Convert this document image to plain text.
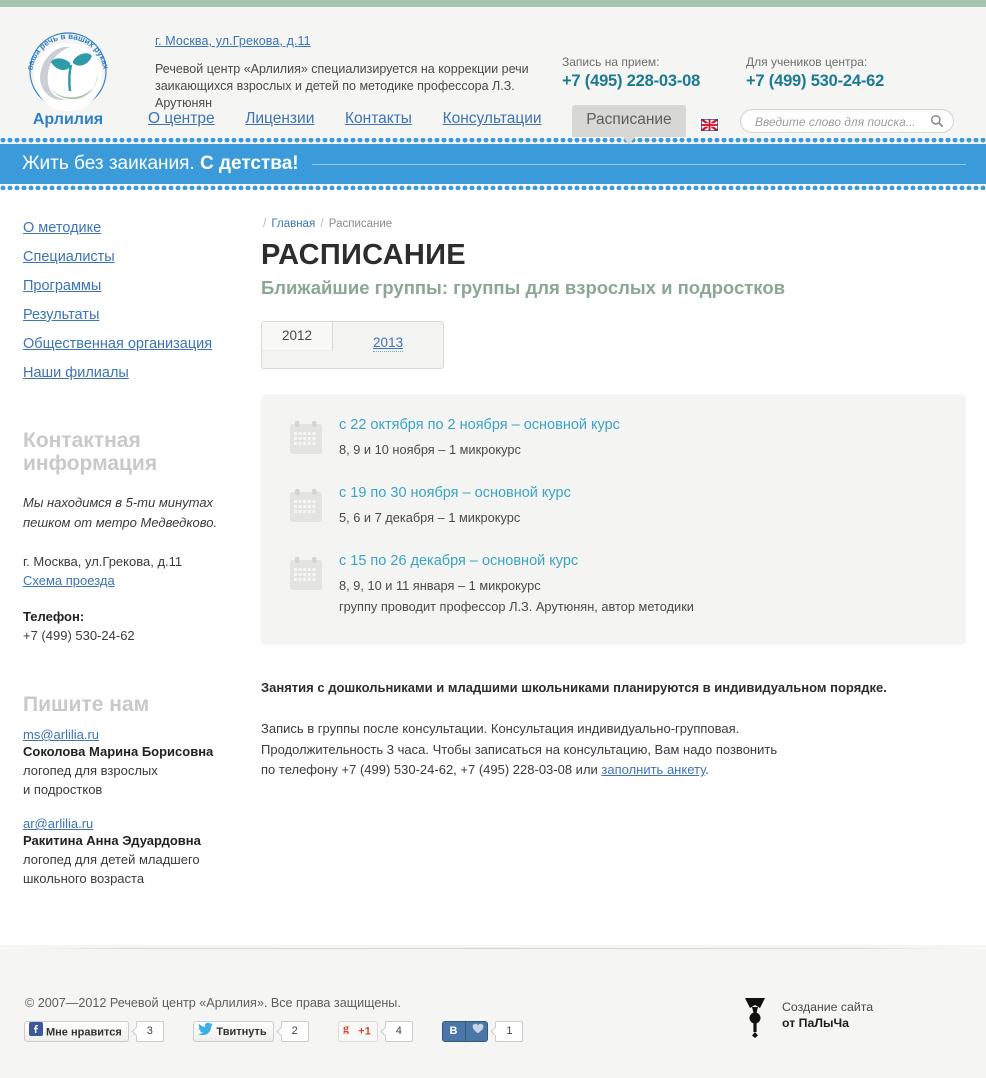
Арлилия
ваша речь в ваших руках
г. Москва, ул.Грекова, д.11
Речевой центр «Арлилия» специализируется на коррекции речи
заикающихся взрослых и детей по методике профессора Л.З. Арутюнян
Запись на прием:
+7 (495) 228-03-08
Для учеников центра:
+7 (499) 530-24-62
О центре Лицензии Контакты Консультации	Расписание
Введите слово для поиска...
Жить без заикания. С детства!
О методике
Специалисты
Программы
Результаты
Общественная организация
Наши филиалы
Контактная
информация
Мы находимся в 5-ти минутах
пешком от метро Медведково.
г. Москва, ул.Грекова, д.11
Схема проезда
Телефон:
+7 (499) 530-24-62
Пишите нам
ms@arlilia.ru
Соколова Марина Борисовна
логопед для взрослых
и подростков
ar@arlilia.ru
Ракитина Анна Эдуардовна
логопед для детей младшего
школьного возраста
/ Главная / Расписание
РАСПИСАНИЕ
Ближайшие группы: группы для взрослых и подростков
2012	2013
с 22 октября по 2 ноября – основной курс
8, 9 и 10 ноября – 1 микрокурс
с 19 по 30 ноября – основной курс
5, 6 и 7 декабря – 1 микрокурс
с 15 по 26 декабря – основной курс
8, 9, 10 и 11 января – 1 микрокурс
группу проводит профессор Л.З. Арутюнян, автор методики

Занятия с дошкольниками и младшими школьниками планируются в индивидуальном порядке.

Запись в группы после консультации. Консультация индивидуально-групповая.
Продолжительность 3 часа. Чтобы записаться на консультацию, Вам надо позвонить
по телефону +7 (499) 530-24-62, +7 (495) 228-03-08 или заполнить анкету.
© 2007—2012 Речевой центр «Арлилия». Все права защищены.
Мне нравится 3	Твитнуть 2	g +1 4	В	1
Создание сайта
от ПаЛыЧа
